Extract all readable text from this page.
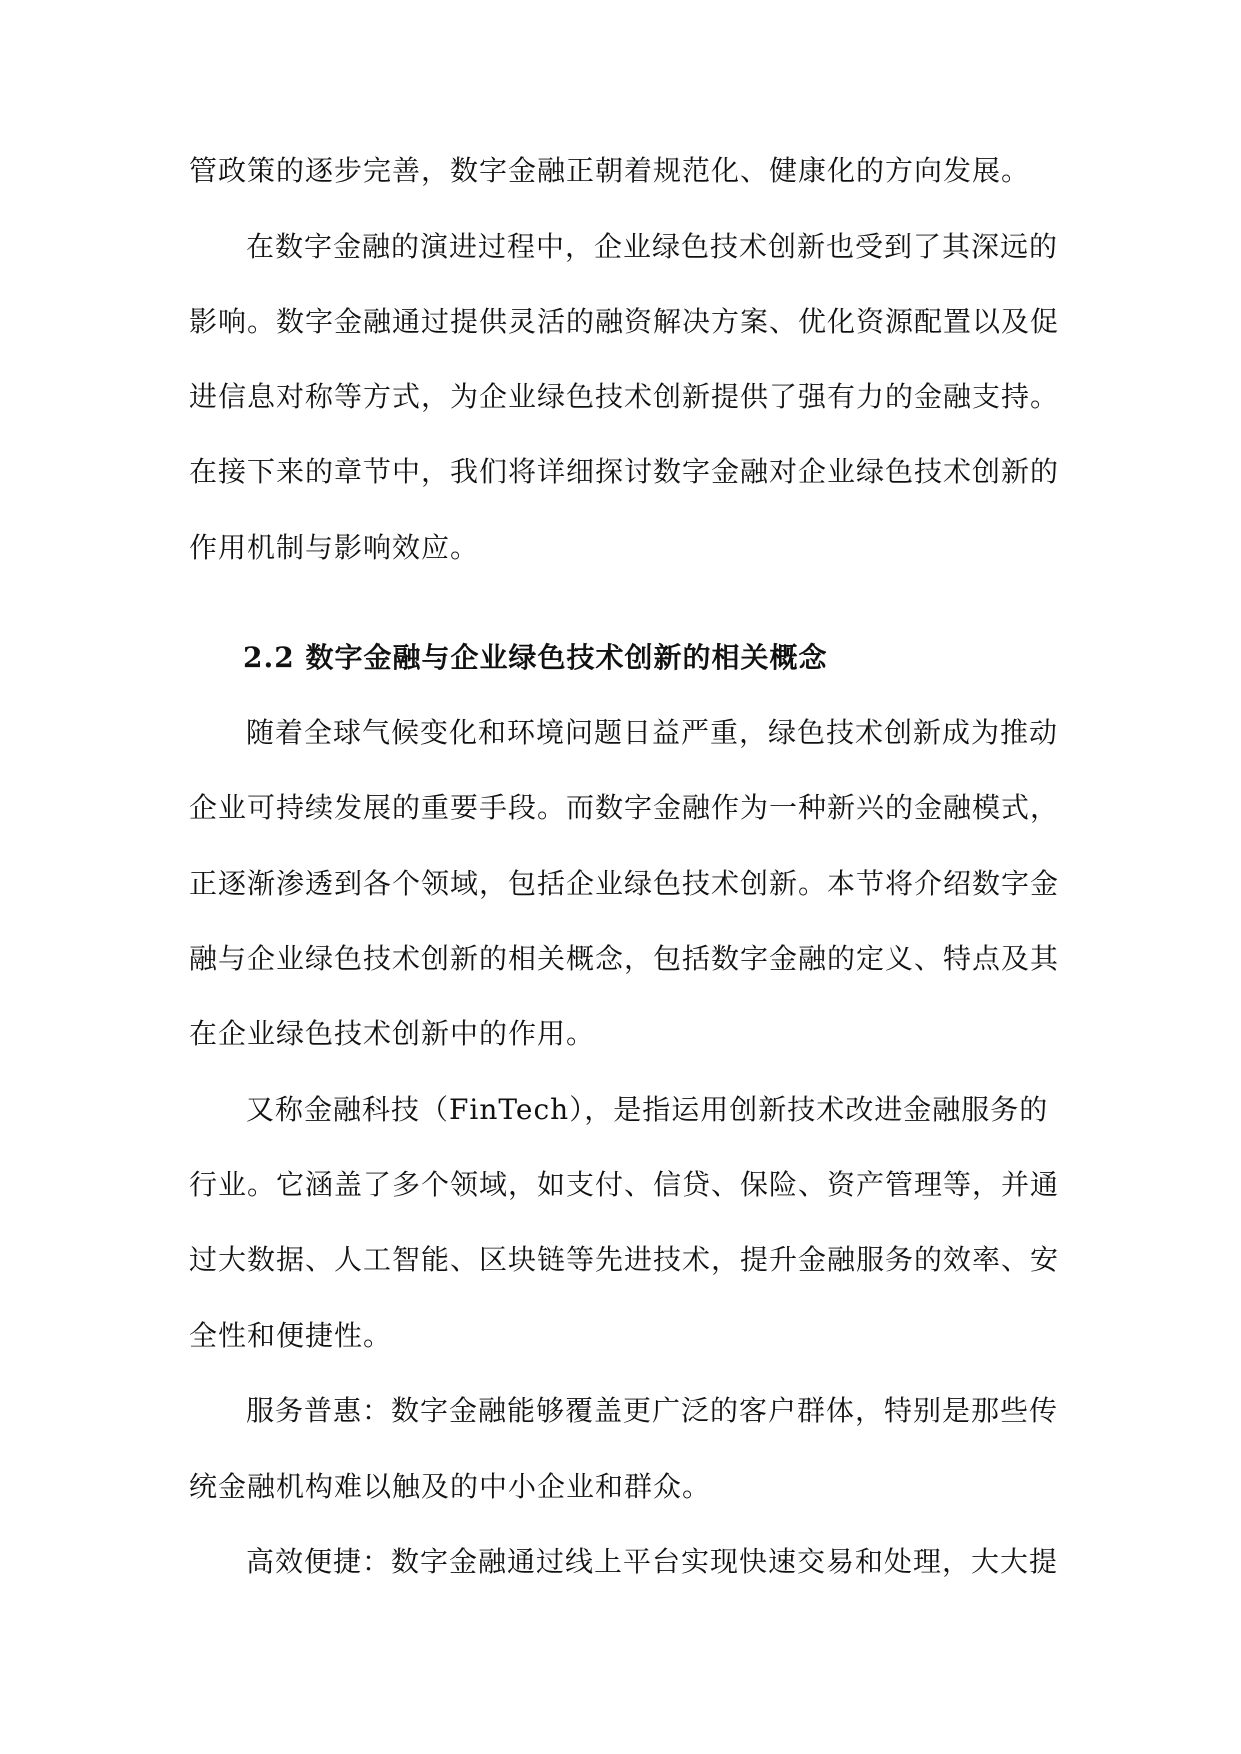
管政策的逐步完善，数字金融正朝着规范化、健康化的方向发展。
在数字金融的演进过程中，企业绿色技术创新也受到了其深远的
影响。数字金融通过提供灵活的融资解决方案、优化资源配置以及促
进信息对称等方式，为企业绿色技术创新提供了强有力的金融支持。
在接下来的章节中，我们将详细探讨数字金融对企业绿色技术创新的
作用机制与影响效应。
2.2 数字金融与企业绿色技术创新的相关概念
随着全球气候变化和环境问题日益严重，绿色技术创新成为推动
企业可持续发展的重要手段。而数字金融作为一种新兴的金融模式，
正逐渐渗透到各个领域，包括企业绿色技术创新。本节将介绍数字金
融与企业绿色技术创新的相关概念，包括数字金融的定义、特点及其
在企业绿色技术创新中的作用。
又称金融科技（FinTech），是指运用创新技术改进金融服务的
行业。它涵盖了多个领域，如支付、信贷、保险、资产管理等，并通
过大数据、人工智能、区块链等先进技术，提升金融服务的效率、安
全性和便捷性。
服务普惠：数字金融能够覆盖更广泛的客户群体，特别是那些传
统金融机构难以触及的中小企业和群众。
高效便捷：数字金融通过线上平台实现快速交易和处理，大大提
